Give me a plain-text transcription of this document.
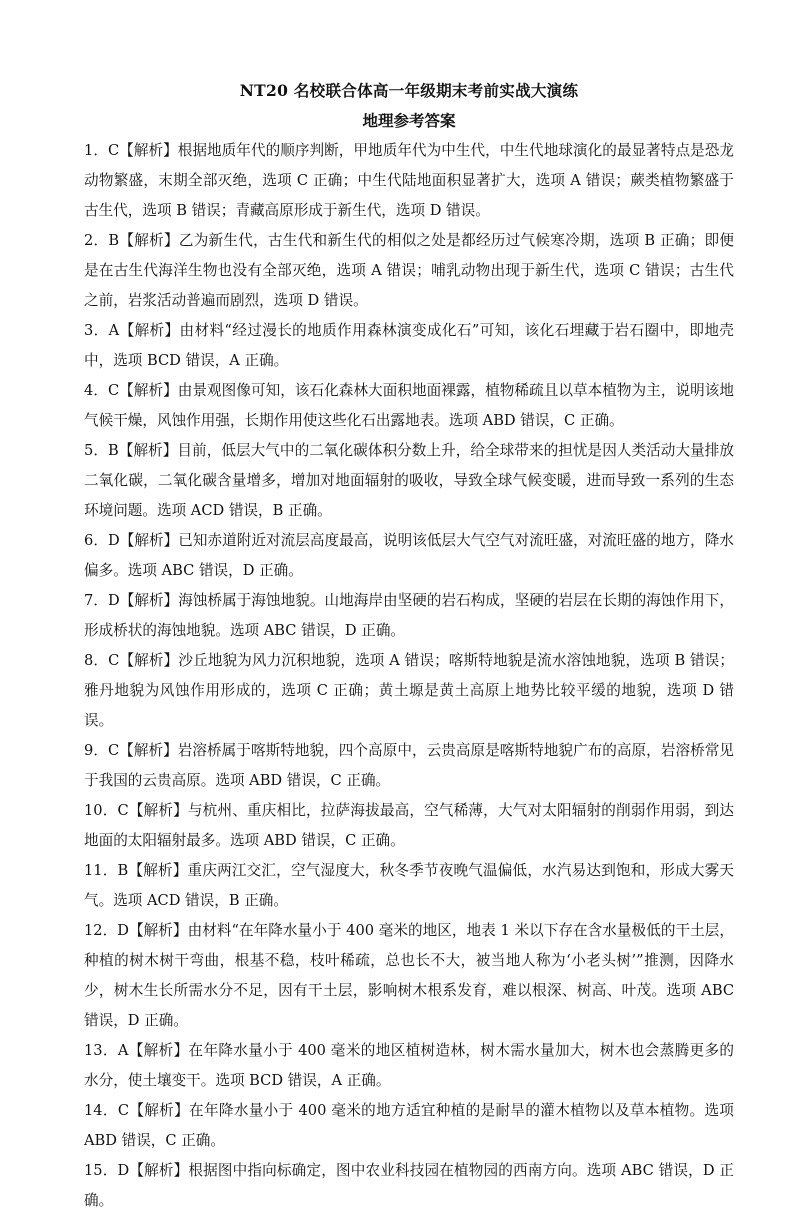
NT20 名校联合体高一年级期末考前实战大演练
地理参考答案

1．C【解析】根据地质年代的顺序判断，甲地质年代为中生代，中生代地球演化的最显著特点是恐龙动物繁盛，末期全部灭绝，选项 C 正确；中生代陆地面积显著扩大，选项 A 错误；蕨类植物繁盛于古生代，选项 B 错误；青藏高原形成于新生代，选项 D 错误。

2．B【解析】乙为新生代，古生代和新生代的相似之处是都经历过气候寒冷期，选项 B 正确；即便是在古生代海洋生物也没有全部灭绝，选项 A 错误；哺乳动物出现于新生代，选项 C 错误；古生代之前，岩浆活动普遍而剧烈，选项 D 错误。

3．A【解析】由材料“经过漫长的地质作用森林演变成化石”可知，该化石埋藏于岩石圈中，即地壳中，选项 BCD 错误，A 正确。

4．C【解析】由景观图像可知，该石化森林大面积地面裸露，植物稀疏且以草本植物为主，说明该地气候干燥，风蚀作用强，长期作用使这些化石出露地表。选项 ABD 错误，C 正确。

5．B【解析】目前，低层大气中的二氧化碳体积分数上升，给全球带来的担忧是因人类活动大量排放二氧化碳，二氧化碳含量增多，增加对地面辐射的吸收，导致全球气候变暖，进而导致一系列的生态环境问题。选项 ACD 错误，B 正确。

6．D【解析】已知赤道附近对流层高度最高，说明该低层大气空气对流旺盛，对流旺盛的地方，降水偏多。选项 ABC 错误，D 正确。

7．D【解析】海蚀桥属于海蚀地貌。山地海岸由坚硬的岩石构成，坚硬的岩层在长期的海蚀作用下，形成桥状的海蚀地貌。选项 ABC 错误，D 正确。

8．C【解析】沙丘地貌为风力沉积地貌，选项 A 错误；喀斯特地貌是流水溶蚀地貌，选项 B 错误；雅丹地貌为风蚀作用形成的，选项 C 正确；黄土塬是黄土高原上地势比较平缓的地貌，选项 D 错误。

9．C【解析】岩溶桥属于喀斯特地貌，四个高原中，云贵高原是喀斯特地貌广布的高原，岩溶桥常见于我国的云贵高原。选项 ABD 错误，C 正确。

10．C【解析】与杭州、重庆相比，拉萨海拔最高，空气稀薄，大气对太阳辐射的削弱作用弱，到达地面的太阳辐射最多。选项 ABD 错误，C 正确。

11．B【解析】重庆两江交汇，空气湿度大，秋冬季节夜晚气温偏低，水汽易达到饱和，形成大雾天气。选项 ACD 错误，B 正确。

12．D【解析】由材料“在年降水量小于 400 毫米的地区，地表 1 米以下存在含水量极低的干土层，种植的树木树干弯曲，根基不稳，枝叶稀疏，总也长不大，被当地人称为‘小老头树’”推测，因降水少，树木生长所需水分不足，因有干土层，影响树木根系发育，难以根深、树高、叶茂。选项 ABC 错误，D 正确。

13．A【解析】在年降水量小于 400 毫米的地区植树造林，树木需水量加大，树木也会蒸腾更多的水分，使土壤变干。选项 BCD 错误，A 正确。

14．C【解析】在年降水量小于 400 毫米的地方适宜种植的是耐旱的灌木植物以及草本植物。选项 ABD 错误，C 正确。

15．D【解析】根据图中指向标确定，图中农业科技园在植物园的西南方向。选项 ABC 错误，D 正确。
